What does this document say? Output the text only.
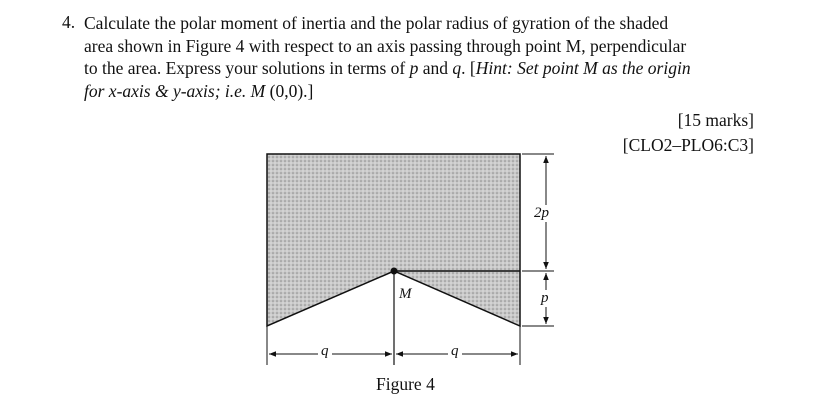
4. Calculate the polar moment of inertia and the polar radius of gyration of the shaded
area shown in Figure 4 with respect to an axis passing through point M, perpendicular
to the area. Express your solutions in terms of p and q. [Hint: Set point M as the origin
for x-axis & y-axis; i.e. M (0,0).]
[15 marks]
[CLO2–PLO6:C3]
M
2p
p
q	q
Figure 4
